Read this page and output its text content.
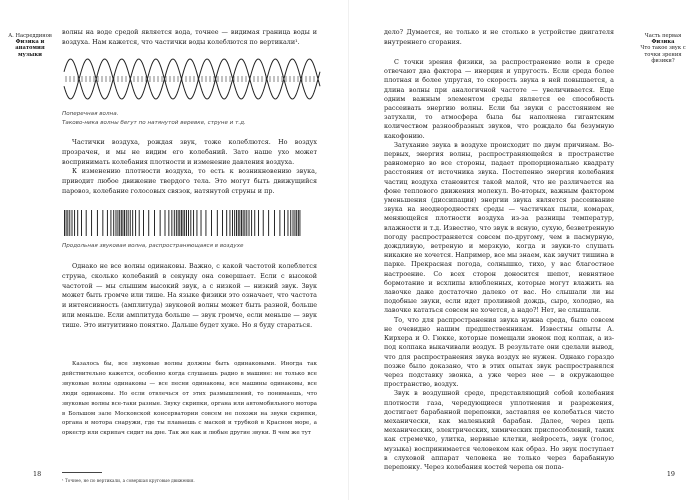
А. Насреддинов
Физика и анатомия музыки

волны на воде средой является вода, точнее — видимая граница воды и воздуха. Нам кажется, что частички воды колеблются по вертикали¹.

Поперечная волна.
Таково-ника волны бегут по натянутой веревке, струне и т.д.

Частички воздуха, рождая звук, тоже колеблются. Но воздух прозрачен, и мы не видим его колебаний. Зато наше ухо может воспринимать колебания плотности и изменение давления воздуха.

К изменению плотности воздуха, то есть к возникновению звука, приводит любое движение твердого тела. Это могут быть движущийся паровоз, колебание голосовых связок, натянутой струны и пр.

Продольная звуковая волна, распространяющаяся в воздухе

Однако не все волны одинаковы. Важно, с какой частотой колеблется струна, сколько колебаний в секунду она совершает. Если с высокой частотой — мы слышим высокий звук, а с низкой — низкий звук. Звук может быть громче или тише. На языке физики это означает, что частота и интенсивность (амплитуда) звуковой волны может быть разной, больше или меньше. Если амплитуда больше — звук громче, если меньше — звук тише. Это интуитивно понятно. Дальше будет хуже. Но я буду стараться.

Казалось бы, все звуковые волны должны быть одинаковыми. Иногда так действительно кажется, особенно когда слушаешь радио в машине: не только все звуковые волны одинаковы — все песни одинаковы, все машины одинаковы, все люди одинаковы. Но если отвлечься от этих размышлений, то понимаешь, что звуковые волны все-таки разные. Звуку скрипки, органа или автомобильного мотора в Большом зале Московской консерватории совсем не похожи на звуки скрипки, органа и мотора снаружи, где ты плаваешь с маской и трубкой в Красном море, а оркестр или скрипач сидит на дне. Так же как и любые другие звуки. В чем же тут

¹ Точнее, не по вертикали, а совершая круговые движения.
18
Часть первая
Физика
Что такое звук с точки зрения физики?

дело? Думается, не только и не столько в устройстве двигателя внутреннего сгорания.

С точки зрения физики, за распространение волн в среде отвечают два фактора — инерция и упругость. Если среда более плотная и более упругая, то скорость звука в ней повышается, а длина волны при аналогичной частоте — увеличивается. Еще одним важным элементом среды является ее способность рассеивать энергию волны. Если бы звуки с расстоянием не затухали, то атмосфера была бы наполнена гигантским количеством разнообразных звуков, что рождало бы безумную какофонию.

Затухание звука в воздухе происходит по двум причинам. Во-первых, энергия волны, распространяющейся в пространстве равномерно во все стороны, падает пропорционально квадрату расстояния от источника звука. Постепенно энергия колебания частиц воздуха становится такой малой, что не различается на фоне теплового движения молекул. Во-вторых, важным фактором уменьшения (диссипации) энергии звука является рассеивание звука на неоднородностях среды — частичках пыли, комарах, меняющейся плотности воздуха из-за разницы температур, влажности и т.д. Известно, что звук в ясную, сухую, безветренную погоду распространяется совсем по-другому, чем в пасмурную, дождливую, ветреную и мерзкую, когда и звуки-то слушать никакие не хочется. Например, все мы знаем, как звучит тишина в парке. Прекрасная погода, солнышко, тихо, у вас благостное настроение. Со всех сторон доносится шепот, невнятное бормотание и всхлипы влюбленных, которые могут влажить на лавочке даже достаточно далеко от вас. Но слышали ли вы подобные звуки, если идет проливной дождь, сыро, холодно, на лавочке кататься совсем не хочется, а надо?! Нет, не слышали.

То, что для распространения звука нужна среда, было совсем не очевидно нашим предшественникам. Известны опыты А. Кирхера и О. Гюкке, которые помещали звонок под колпак, а из-под колпака выкачивали воздух. В результате они сделали вывод, что для распространения звука воздух не нужен. Однако гораздо позже было доказано, что в этих опытах звук распространялся через подставку звонка, а уже через нее — в окружающее пространство, воздух.

Звук в воздушной среде, представляющий собой колебания плотности газа, чередующиеся уплотнения и разрежения, достигает барабанной перепонки, заставляя ее колебаться чисто механически, как маленький барабан. Далее, через цепь механических, электрических, химических приспособлений, таких как стремечко, улитка, нервные клетки, нейросеть, звук (голос, музыка) воспринимается человеком как образ. Но звук поступает в слуховой аппарат человека не только через барабанную перепонку. Через колебания костей черепа он попа-

19
